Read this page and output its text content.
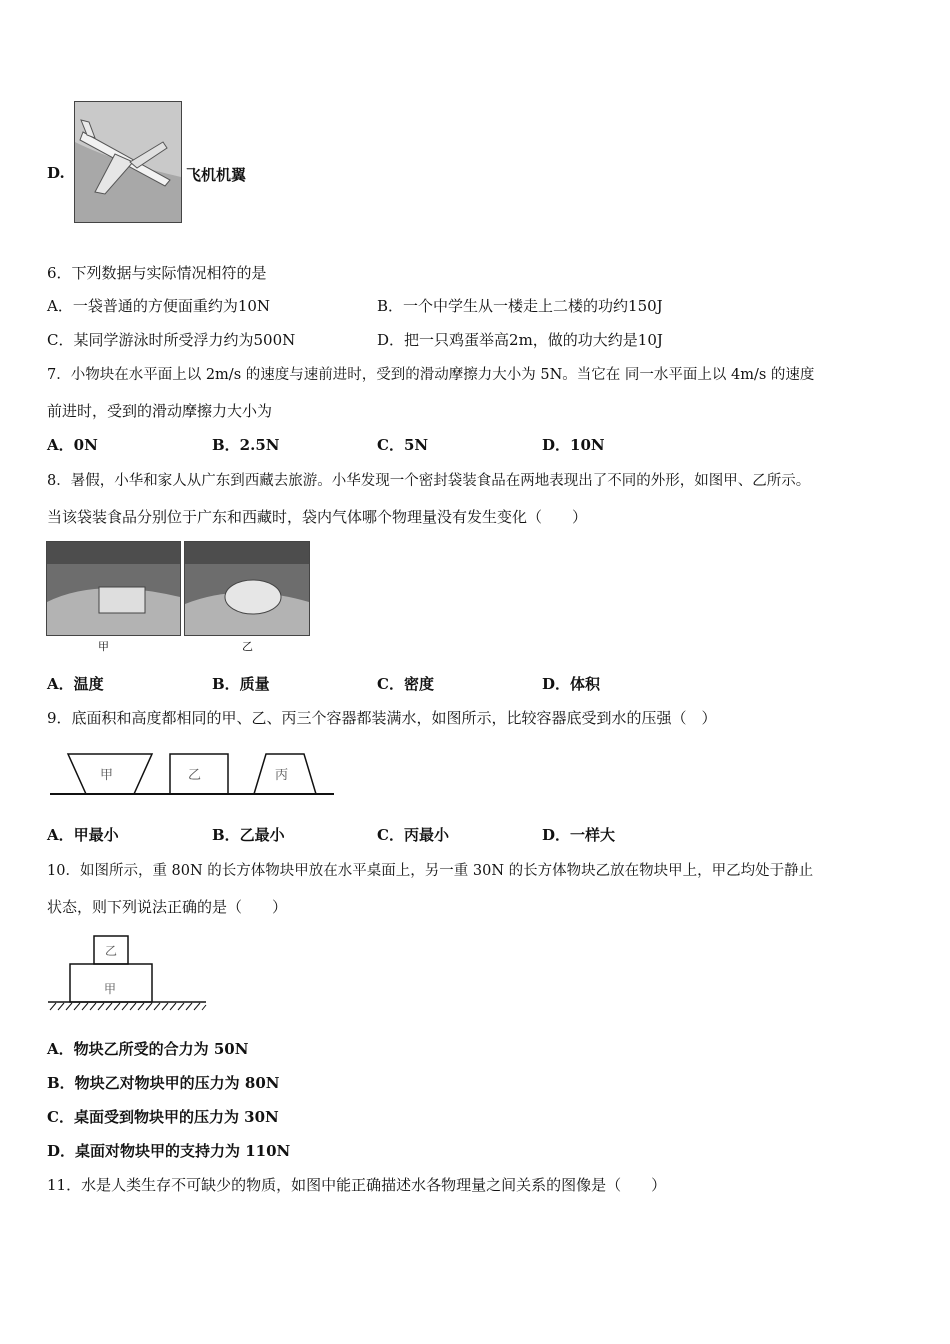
D.	飞机机翼
6．下列数据与实际情况相符的是
A．一袋普通的方便面重约为10N	B．一个中学生从一楼走上二楼的功约150J
C．某同学游泳时所受浮力约为500N	D．把一只鸡蛋举高2m，做的功大约是10J
7．小物块在水平面上以 2m/s 的速度与速前进时，受到的滑动摩擦力大小为 5N。当它在 同一水平面上以 4m/s 的速度
前进时，受到的滑动摩擦力大小为
A．0N	B．2.5N	C．5N	D．10N
8．暑假，小华和家人从广东到西藏去旅游。小华发现一个密封袋装食品在两地表现出了不同的外形，如图甲、乙所示。
当该袋装食品分别位于广东和西藏时，袋内气体哪个物理量没有发生变化（　　）
甲	乙
A．温度	B．质量	C．密度	D．体积
9．底面积和高度都相同的甲、乙、丙三个容器都装满水，如图所示，比较容器底受到水的压强（　）
甲	乙	丙
A．甲最小	B．乙最小	C．丙最小	D．一样大
10．如图所示，重 80N 的长方体物块甲放在水平桌面上，另一重 30N 的长方体物块乙放在物块甲上，甲乙均处于静止
状态，则下列说法正确的是（　　）
乙
甲
A．物块乙所受的合力为 50N
B．物块乙对物块甲的压力为 80N
C．桌面受到物块甲的压力为 30N
D．桌面对物块甲的支持力为 110N
11．水是人类生存不可缺少的物质，如图中能正确描述水各物理量之间关系的图像是（　　）
